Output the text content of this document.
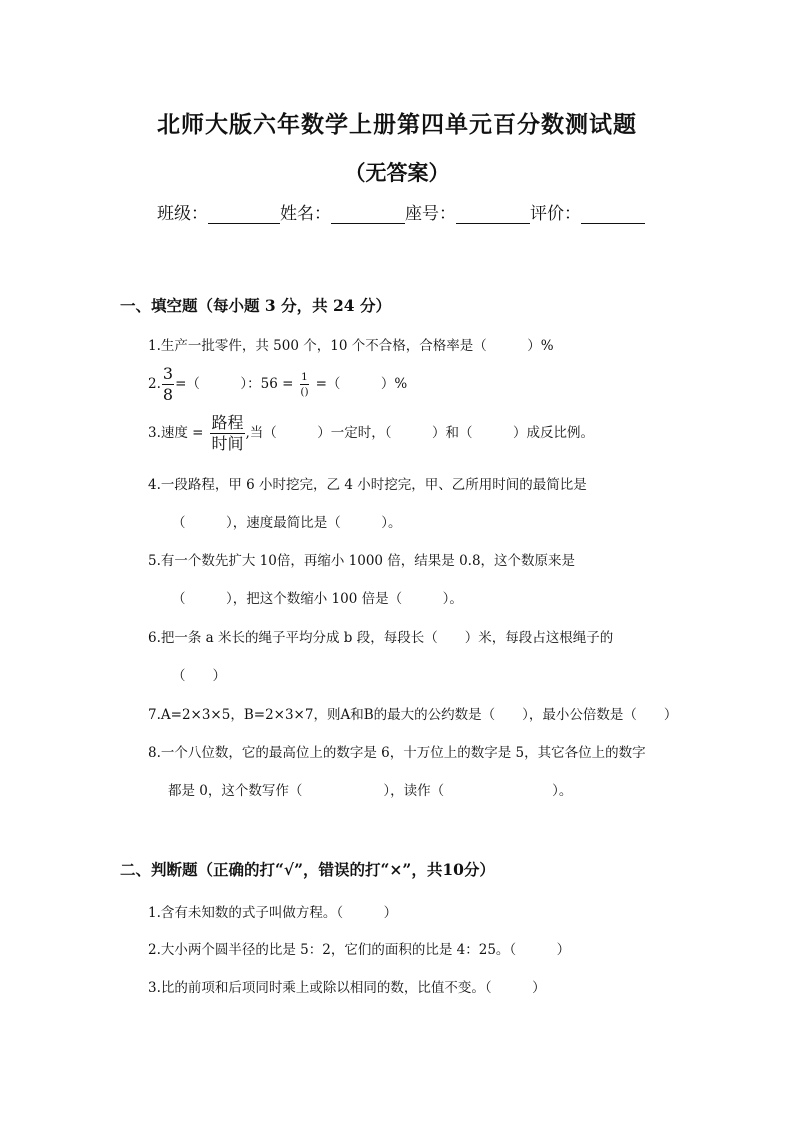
北师大版六年数学上册第四单元百分数测试题
（无答案）
班级：	姓名：	座号：	评价：
一、填空题（每小题 3 分，共 24 分）
1.生产一批零件，共 500 个，10 个不合格，合格率是（　　　）%
2. $\frac{3}{8}$ =（　　　）：$56 = \frac{1}{()}$ =（　　　）%
3.速度 = $\frac{\text{路程}}{\text{时间}}$ ,当（　　　）一定时，（　　　）和（　　　）成反比例。
4.一段路程，甲 6 小时挖完，乙 4 小时挖完，甲、乙所用时间的最简比是
（　　　），速度最简比是（　　　）。
5.有一个数先扩大 10倍，再缩小 1000 倍，结果是 0.8，这个数原来是
（　　　），把这个数缩小 100 倍是（　　　）。
6.把一条 a 米长的绳子平均分成 b 段，每段长（　　）米，每段占这根绳子的
（　　）
7.A=2×3×5，B=2×3×7，则A和B的最大的公约数是（　　），最小公倍数是（　　）
8.一个八位数，它的最高位上的数字是 6，十万位上的数字是 5，其它各位上的数字
都是 0，这个数写作（　　　　　　），读作（　　　　　　　　）。
二、判断题（正确的打“√”，错误的打“×”，共10分）
1.含有未知数的式子叫做方程。（　　　）
2.大小两个圆半径的比是 5：2，它们的面积的比是 4：25。（　　　）
3.比的前项和后项同时乘上或除以相同的数，比值不变。（　　　）
